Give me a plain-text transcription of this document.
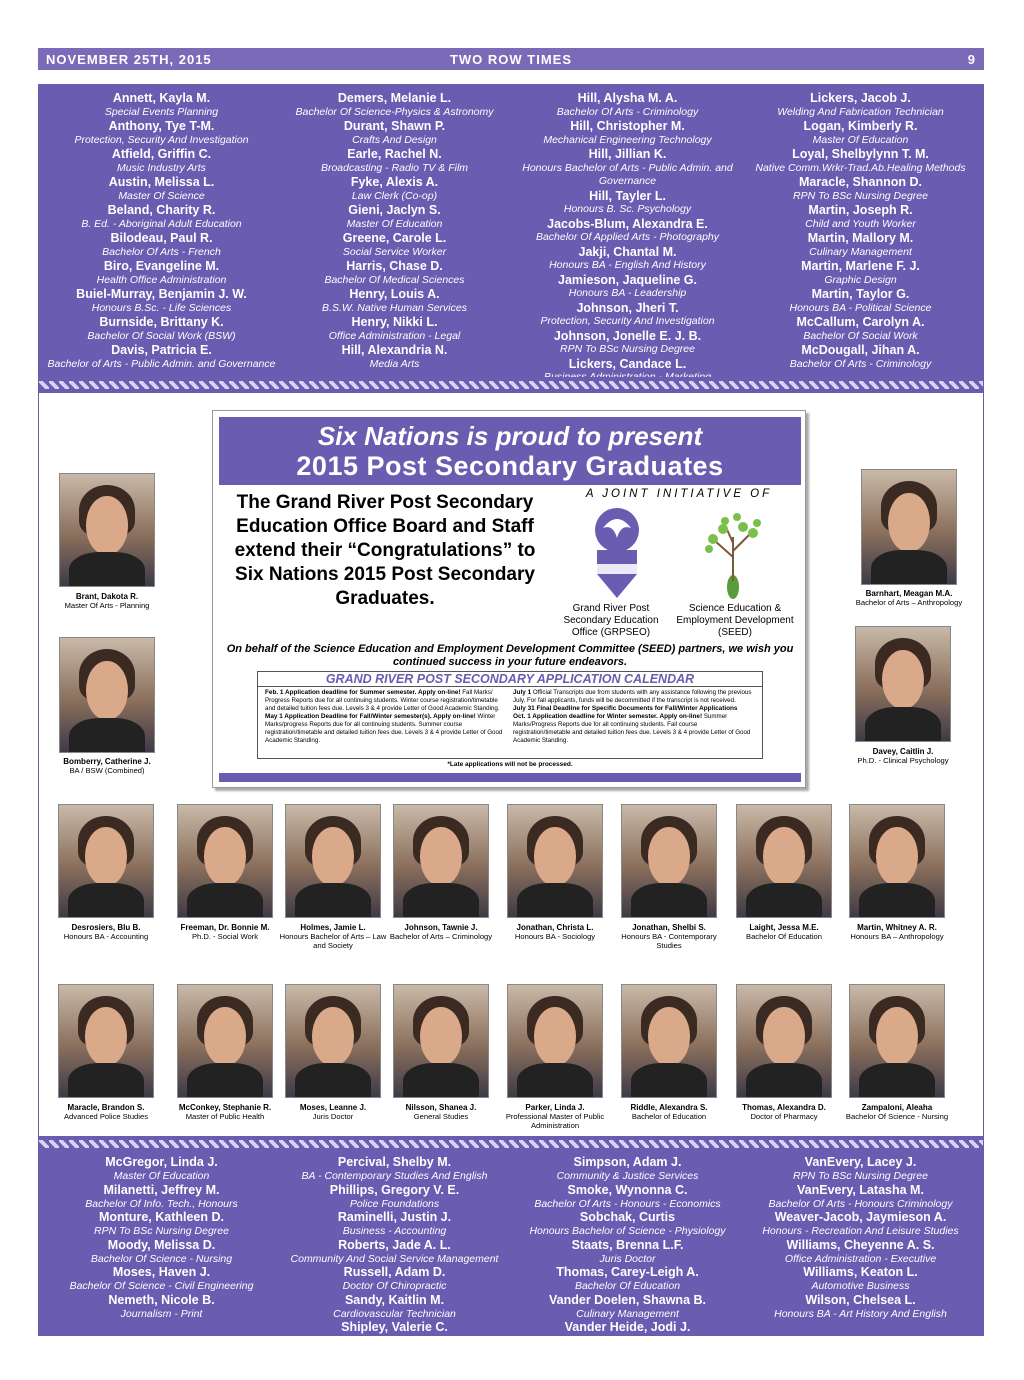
NOVEMBER 25TH, 2015	TWO ROW TIMES	9
Annett, Kayla M.
Special Events Planning
Anthony, Tye T-M.
Protection, Security And Investigation
Atfield, Griffin C.
Music Industry Arts
Austin, Melissa L.
Master Of Science
Beland, Charity R.
B. Ed. - Aboriginal Adult Education
Bilodeau, Paul R.
Bachelor Of Arts - French
Biro, Evangeline M.
Health Office Administration
Buiel-Murray, Benjamin J. W.
Honours B.Sc. - Life Sciences
Burnside, Brittany K.
Bachelor Of Social Work (BSW)
Davis, Patricia E.
Bachelor of Arts - Public Admin. and Governance
Demers, Melanie L.
Bachelor Of Science-Physics & Astronomy
Durant, Shawn P.
Crafts And Design
Earle, Rachel N.
Broadcasting - Radio TV & Film
Fyke, Alexis A.
Law Clerk (Co-op)
Gieni, Jaclyn S.
Master Of Education
Greene, Carole L.
Social Service Worker
Harris, Chase D.
Bachelor Of Medical Sciences
Henry, Louis A.
B.S.W. Native Human Services
Henry, Nikki L.
Office Administration - Legal
Hill, Alexandria N.
Media Arts
Hill, Alysha M. A.
Bachelor Of Arts - Criminology
Hill, Christopher M.
Mechanical Engineering Technology
Hill, Jillian K.
Honours Bachelor of Arts - Public Admin. and Governance
Hill, Tayler L.
Honours B. Sc. Psychology
Jacobs-Blum, Alexandra E.
Bachelor Of Applied Arts - Photography
Jakji, Chantal M.
Honours BA - English And History
Jamieson, Jaqueline G.
Honours BA - Leadership
Johnson, Jheri T.
Protection, Security And Investigation
Johnson, Jonelle E. J. B.
RPN To BSc Nursing Degree
Lickers, Candace L.
Lickers, Jacob J.
Welding And Fabrication Technician
Logan, Kimberly R.
Master Of Education
Loyal, Shelbylynn T. M.
Native Comm.Wrkr-Trad.Ab.Healing Methods
Maracle, Shannon D.
RPN To BSc Nursing Degree
Martin, Joseph R.
Child and Youth Worker
Martin, Mallory M.
Culinary Management
Martin, Marlene F. J.
Graphic Design
Martin, Taylor G.
Honours BA - Political Science
McCallum, Carolyn A.
Bachelor Of Social Work
McDougall, Jihan A.
Bachelor Of Arts - Criminology
Six Nations is proud to present
2015 Post Secondary Graduates
The Grand River Post Secondary Education Office Board and Staff extend their “Congratulations” to Six Nations 2015 Post Secondary Graduates.
A JOINT INITIATIVE OF
Grand River Post Secondary Education Office (GRPSEO)
Science Education & Employment Development (SEED)
On behalf of the Science Education and Employment Development Committee (SEED) partners, we wish you continued success in your future endeavors.
GRAND RIVER POST SECONDARY APPLICATION CALENDAR
Feb. 1 Application deadline for Summer semester. Apply on-line! Fall Marks/ Progress Reports due for all continuing students. Winter course registration/timetable and detailed tuition fees due. Levels 3 & 4 provide Letter of Good Academic Standing.
May 1 Application Deadline for Fall/Winter semester(s). Apply on-line! Winter Marks/progress Reports due for all continuing students. Summer course registration/timetable and detailed tuition fees due. Levels 3 & 4 provide Letter of Good Academic Standing.
July 1 Official Transcripts due from students with any assistance following the previous July. For fall applicants, funds will be decommitted if the transcript is not received.
July 31 Final Deadline for Specific Documents for Fall/Winter Applications
Oct. 1 Application deadline for Winter semester. Apply on-line! Summer Marks/Progress Reports due for all continuing students. Fall course registration/timetable and detailed tuition fees due. Levels 3 & 4 provide Letter of Good Academic Standing.
*Late applications will not be processed.
Brant, Dakota R.
Master Of Arts - Planning
Bomberry, Catherine J.
BA / BSW (Combined)
Barnhart, Meagan M.A.
Bachelor of Arts – Anthropology
Davey, Caitlin J.
Ph.D. - Clinical Psychology
Desrosiers, Blu B.
Honours BA - Accounting
Freeman, Dr. Bonnie M.
Ph.D. - Social Work
Holmes, Jamie L.
Honours Bachelor of Arts – Law and Society
Johnson, Tawnie J.
Bachelor of Arts – Criminology
Jonathan, Christa L.
Honours BA - Sociology
Jonathan, Shelbi S.
Honours BA - Contemporary Studies
Laight, Jessa M.E.
Bachelor Of Education
Martin, Whitney A. R.
Honours BA – Anthropology
Maracle, Brandon S.
Advanced Police Studies
McConkey, Stephanie R.
Master of Public Health
Moses, Leanne J.
Juris Doctor
Nilsson, Shanea J.
General Studies
Parker, Linda J.
Professional Master of Public Administration
Riddle, Alexandra S.
Bachelor of Education
Thomas, Alexandra D.
Doctor of Pharmacy
Zampaloni, Aleaha
Bachelor Of Science - Nursing
McGregor, Linda J.
Master Of Education
Milanetti, Jeffrey M.
Bachelor Of Info. Tech., Honours
Monture, Kathleen D.
RPN To BSc Nursing Degree
Moody, Melissa D.
Bachelor Of Science - Nursing
Moses, Haven J.
Bachelor Of Science - Civil Engineering
Nemeth, Nicole B.
Journalism - Print
Percival, Shelby M.
BA - Contemporary Studies And English
Phillips, Gregory V. E.
Police Foundations
Raminelli, Justin J.
Business - Accounting
Roberts, Jade A. L.
Community And Social Service Management
Russell, Adam D.
Doctor Of Chiropractic
Sandy, Kaitlin M.
Cardiovascular Technician
Shipley, Valerie C.
Master Of Education
Simpson, Adam J.
Community & Justice Services
Smoke, Wynonna C.
Bachelor Of Arts - Honours - Economics
Sobchak, Curtis
Honours Bachelor of Science - Physiology
Staats, Brenna L.F.
Juris Doctor
Thomas, Carey-Leigh A.
Bachelor Of Education
Vander Doelen, Shawna B.
Culinary Management
Vander Heide, Jodi J.
Native Child And Family Services
VanEvery, Lacey J.
RPN To BSc Nursing Degree
VanEvery, Latasha M.
Bachelor Of Arts - Honours Criminology
Weaver-Jacob, Jaymieson A.
Honours - Recreation And Leisure Studies
Williams, Cheyenne A. S.
Office Administration - Executive
Williams, Keaton L.
Automotive Business
Wilson, Chelsea L.
Honours BA - Art History And English
